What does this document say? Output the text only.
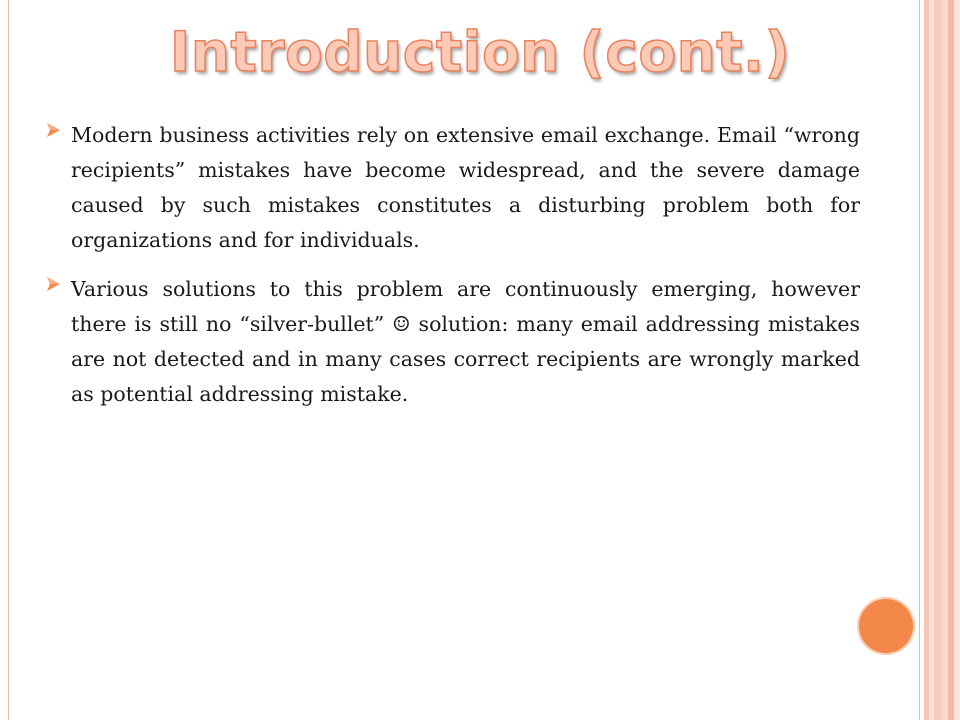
Introduction (cont.)
Modern business activities rely on extensive email exchange. Email “wrong recipients” mistakes have become widespread, and the severe damage caused by such mistakes constitutes a disturbing problem both for organizations and for individuals.
Various solutions to this problem are continuously emerging, however there is still no “silver-bullet” ☺ solution: many email addressing mistakes are not detected and in many cases correct recipients are wrongly marked as potential addressing mistake.
